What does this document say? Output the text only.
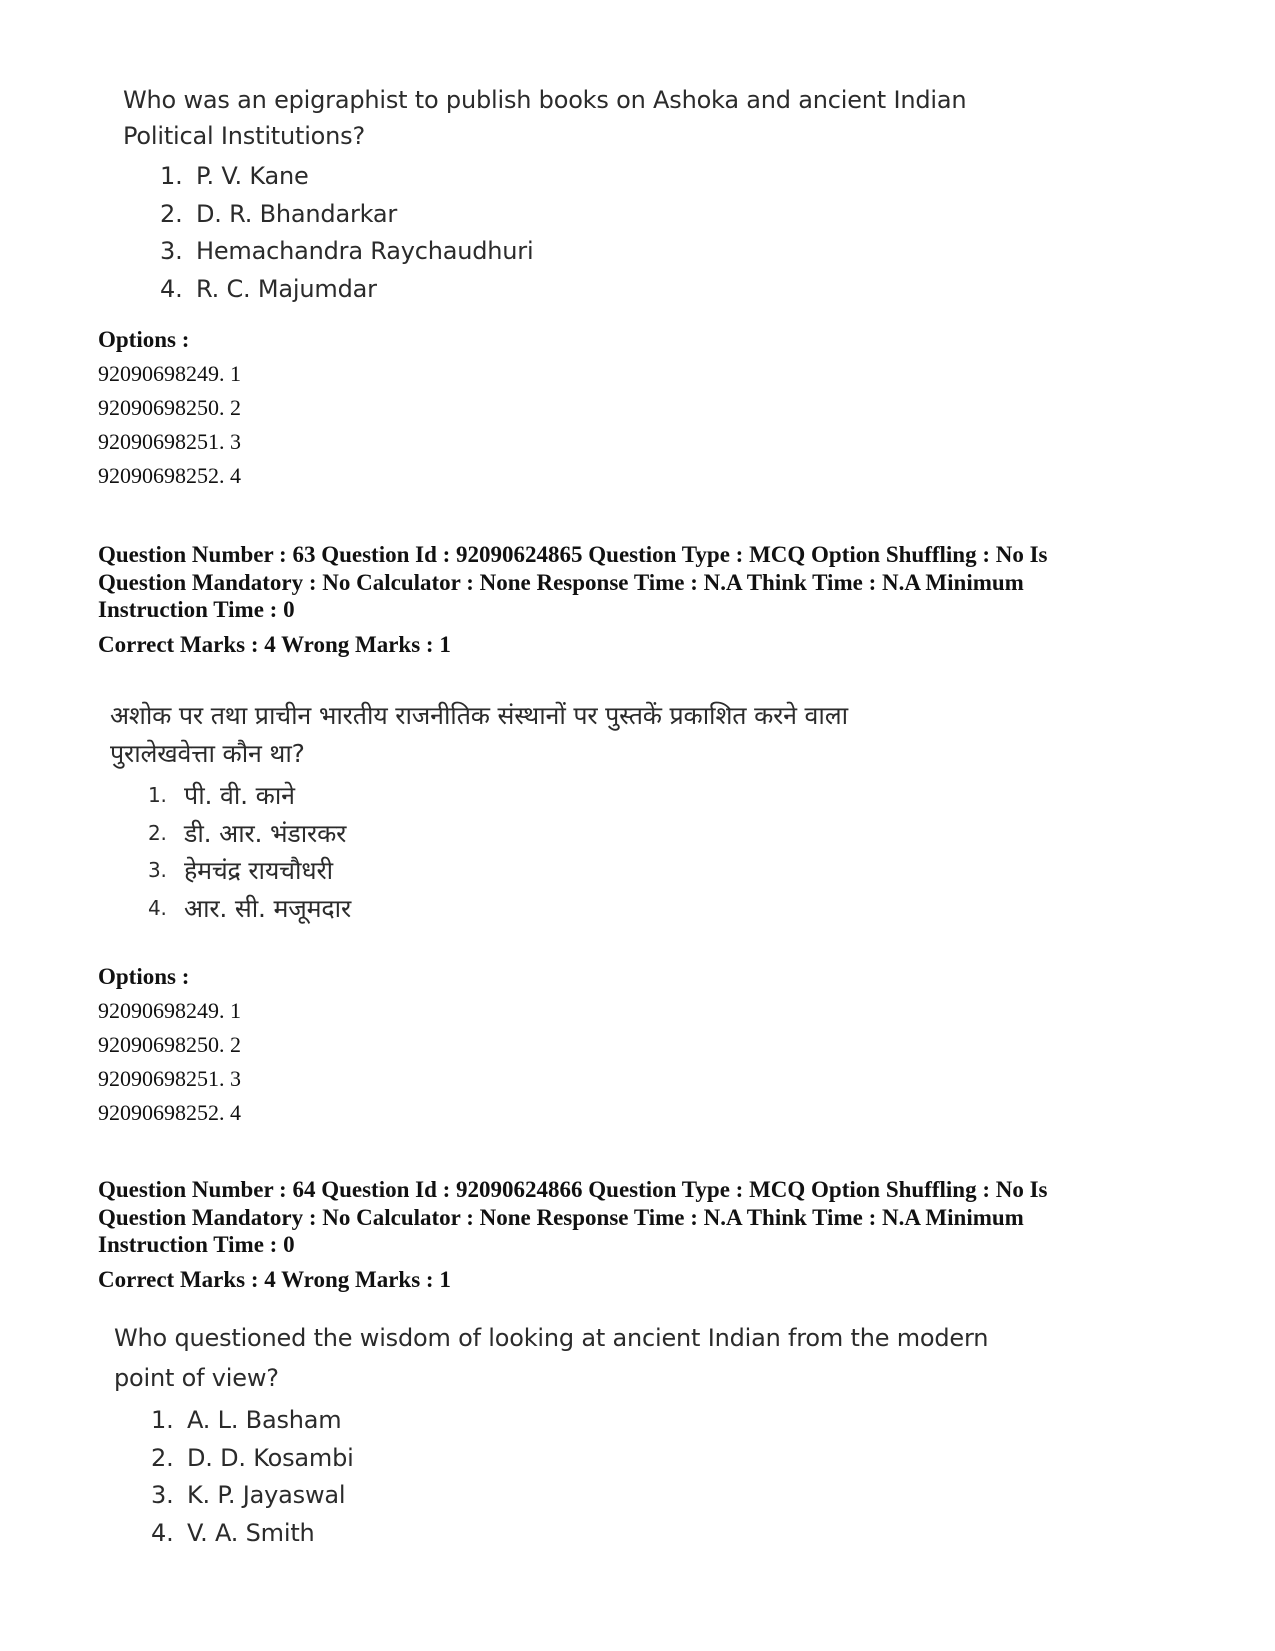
Who was an epigraphist to publish books on Ashoka and ancient Indian

Political Institutions?

1. P. V. Kane
2. D. R. Bhandarkar
3. Hemachandra Raychaudhuri
4. R. C. Majumdar
Options :
92090698249. 1
92090698250. 2
92090698251. 3
92090698252. 4
Question Number : 63 Question Id : 92090624865 Question Type : MCQ Option Shuffling : No Is
Question Mandatory : No Calculator : None Response Time : N.A Think Time : N.A Minimum
Instruction Time : 0
Correct Marks : 4 Wrong Marks : 1

अशोक पर तथा प्राचीन भारतीय राजनीतिक संस्थानों पर पुस्तकें प्रकाशित करने वाला

पुरालेखवेत्ता कौन था?

1. पी. वी. काने
2. डी. आर. भंडारकर
3. हेमचंद्र रायचौधरी
4. आर. सी. मजूमदार
Options :
92090698249. 1
92090698250. 2
92090698251. 3
92090698252. 4
Question Number : 64 Question Id : 92090624866 Question Type : MCQ Option Shuffling : No Is
Question Mandatory : No Calculator : None Response Time : N.A Think Time : N.A Minimum
Instruction Time : 0
Correct Marks : 4 Wrong Marks : 1

Who questioned the wisdom of looking at ancient Indian from the modern

point of view?

1. A. L. Basham
2. D. D. Kosambi
3. K. P. Jayaswal
4. V. A. Smith
